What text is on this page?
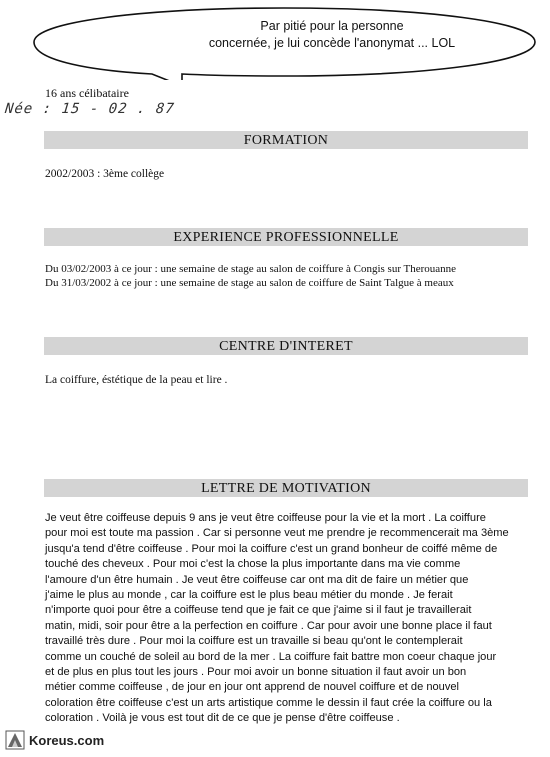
Par pitié pour la personne
concernée, je lui concède l'anonymat ... LOL
16 ans célibataire
Née : 15 - 02 . 87
FORMATION
2002/2003 : 3ème collège
EXPERIENCE PROFESSIONNELLE
Du 03/02/2003 à ce jour : une semaine de stage au salon de coiffure à Congis sur Therouanne
Du 31/03/2002 à ce jour : une semaine de stage au salon de coiffure de Saint Talgue à meaux
CENTRE D'INTERET
La coiffure, éstétique de la peau et lire .
LETTRE DE MOTIVATION
Je veut être coiffeuse depuis 9 ans je veut être coiffeuse pour la vie et la mort . La coiffure
pour moi est toute ma passion . Car si personne veut me prendre je recommencerait ma 3ème
jusqu'a tend d'être coiffeuse . Pour moi la coiffure c'est un grand bonheur de coiffé même de
touché des cheveux . Pour moi c'est la chose la plus importante dans ma vie comme
l'amoure d'un être humain . Je veut être coiffeuse car ont ma dit de faire un métier que
j'aime le plus au monde , car la coiffure est le plus beau métier du monde . Je ferait
n'importe quoi pour être a coiffeuse tend que je fait ce que j'aime si il faut je travaillerait
matin, midi, soir pour être a la perfection en coiffure . Car pour avoir une bonne place il faut
travaillé très dure . Pour moi la coiffure est un travaille si beau qu'ont le contemplerait
comme un couché de soleil au bord de la mer . La coiffure fait battre mon coeur chaque jour
et de plus en plus tout les jours . Pour moi avoir un bonne situation il faut avoir un bon
métier comme coiffeuse , de jour en jour ont apprend de nouvel coiffure et de nouvel
coloration être coiffeuse c'est un arts artistique comme le dessin il faut crée la coiffure ou la
coloration . Voilà je vous est tout dit de ce que je pense d'être coiffeuse .
Koreus.com
